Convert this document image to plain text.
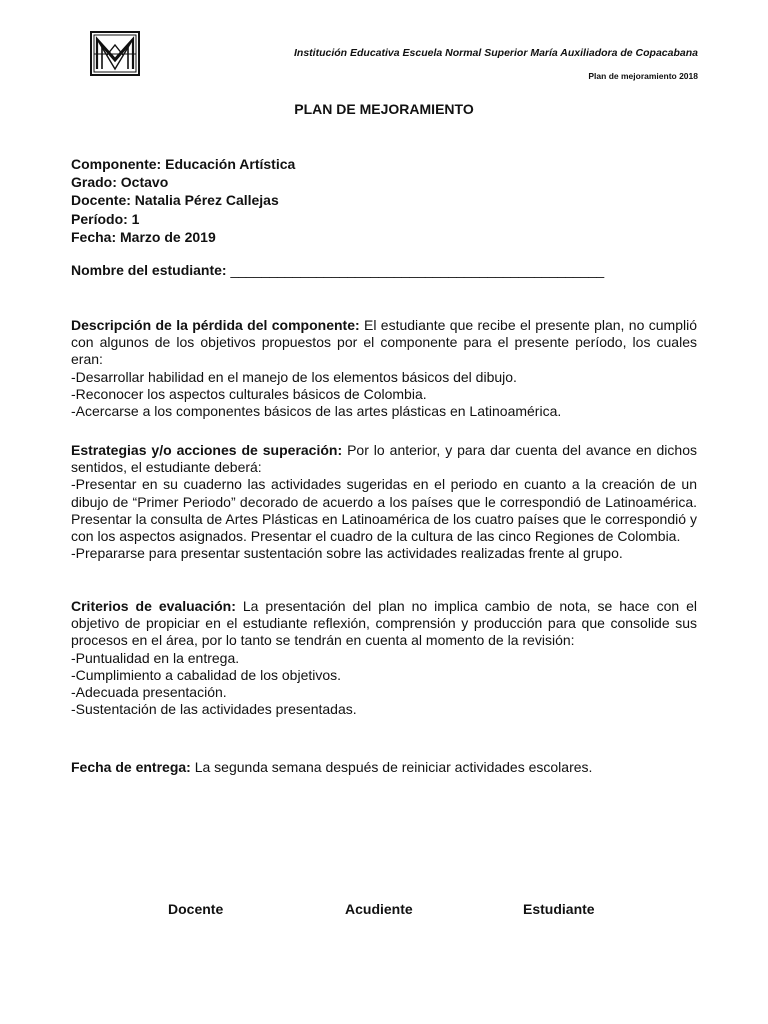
Institución Educativa Escuela Normal Superior María Auxiliadora de Copacabana
Plan de mejoramiento 2018
PLAN DE MEJORAMIENTO
Componente: Educación Artística
Grado: Octavo
Docente: Natalia Pérez Callejas
Período: 1
Fecha: Marzo de 2019
Nombre del estudiante: ________________________________________________

Descripción de la pérdida del componente: El estudiante que recibe el presente plan, no cumplió con algunos de los objetivos propuestos por el componente para el presente período, los cuales eran:

-Desarrollar habilidad en el manejo de los elementos básicos del dibujo.
-Reconocer los aspectos culturales básicos de Colombia.
-Acercarse a los componentes básicos de las artes plásticas en Latinoamérica.

Estrategias y/o acciones de superación: Por lo anterior, y para dar cuenta del avance en dichos sentidos, el estudiante deberá:

-Presentar en su cuaderno las actividades sugeridas en el periodo en cuanto a la creación de un dibujo de “Primer Periodo” decorado de acuerdo a los países que le correspondió de Latinoamérica. Presentar la consulta de Artes Plásticas en Latinoamérica de los cuatro países que le correspondió y con los aspectos asignados. Presentar el cuadro de la cultura de las cinco Regiones de Colombia.

-Prepararse para presentar sustentación sobre las actividades realizadas frente al grupo.

Criterios de evaluación: La presentación del plan no implica cambio de nota, se hace con el objetivo de propiciar en el estudiante reflexión, comprensión y producción para que consolide sus procesos en el área, por lo tanto se tendrán en cuenta al momento de la revisión:

-Puntualidad en la entrega.
-Cumplimiento a cabalidad de los objetivos.
-Adecuada presentación.
-Sustentación de las actividades presentadas.

Fecha de entrega: La segunda semana después de reiniciar actividades escolares.

Docente	Acudiente	Estudiante
